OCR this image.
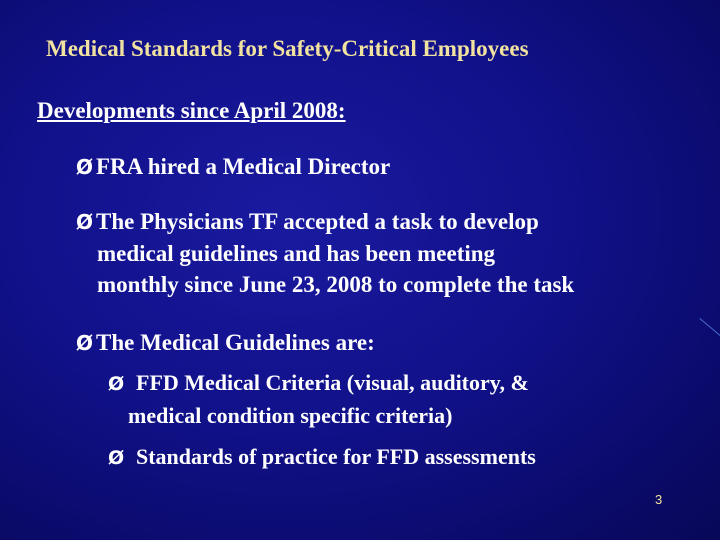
Medical Standards for Safety-Critical Employees
Developments since April 2008:
Ø FRA hired a Medical Director
Ø The Physicians TF accepted a task to develop
medical guidelines and has been meeting
monthly since June 23, 2008 to complete the task
Ø The Medical Guidelines are:
Ø FFD Medical Criteria (visual, auditory, &
medical condition specific criteria)
Ø Standards of practice for FFD assessments
3
